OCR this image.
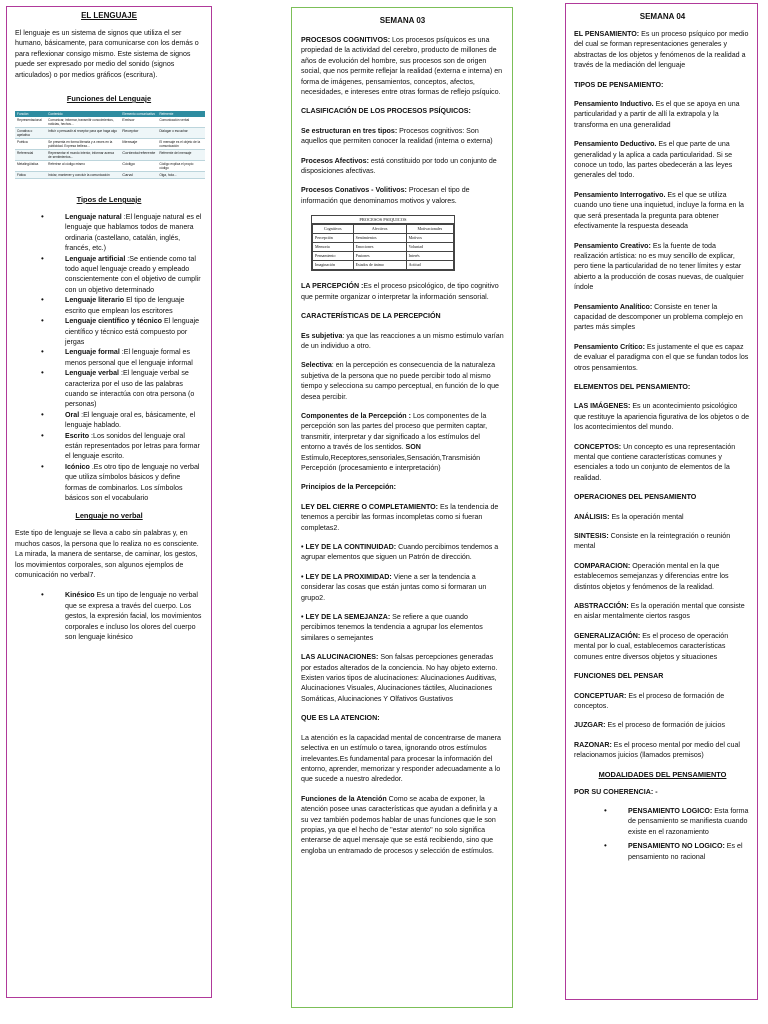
EL LENGUAJE

El lenguaje es un sistema de signos que utiliza el ser humano, básicamente, para comunicarse con los demás o para reflexionar consigo mismo. Este sistema de signos puede ser expresado por medio del sonido (signos articulados) o por medios gráficos (escritura).

Funciones del Lenguaje
Función	Contenido	Elemento comunicativo	Referente
Representacional	Comunicar, informar, transmitir conocimientos, noticias, hechos...	Emisor	Comunicación verbal
Conativa o apelativa	Influir o persuadir al receptor para que haga algo	Receptor	Dialogar o escuchar
Poética	Se presenta en forma literaria y a veces en la publicidad. Expresa belleza...	Mensaje	El mensaje es el objeto de la comunicación
Referencial	Representar el mundo interior, informar acerca de sentimientos...	Contexto/referente	Referente del mensaje
Metalingüística	Referirse al código mismo	Código	Código explica el propio código
Fática	Iniciar, mantener y concluir la comunicación	Canal	Oiga, hola...
Tipos de Lenguaje
• Lenguaje natural :El lenguaje natural es el lenguaje que hablamos todos de manera ordinaria (castellano, catalán, inglés, francés, etc.)
• Lenguaje artificial :Se entiende como tal todo aquel lenguaje creado y empleado conscientemente con el objetivo de cumplir con un objetivo determinado
• Lenguaje literario El tipo de lenguaje escrito que emplean los escritores
• Lenguaje científico y técnico El lenguaje científico y técnico está compuesto por jergas
• Lenguaje formal :El lenguaje formal es menos personal que el lenguaje informal
• Lenguaje verbal :El lenguaje verbal se caracteriza por el uso de las palabras cuando se interactúa con otra persona (o personas)
• Oral :El lenguaje oral es, básicamente, el lenguaje hablado.
• Escrito :Los sonidos del lenguaje oral están representados por letras para formar el lenguaje escrito.
• Icónico .Es otro tipo de lenguaje no verbal que utiliza símbolos básicos y define formas de combinarlos. Los símbolos básicos son el vocabulario
Lenguaje no verbal

Este tipo de lenguaje se lleva a cabo sin palabras y, en muchos casos, la persona que lo realiza no es consciente. La mirada, la manera de sentarse, de caminar, los gestos, los movimientos corporales, son algunos ejemplos de comunicación no verbal7.

• Kinésico Es un tipo de lenguaje no verbal que se expresa a través del cuerpo. Los gestos, la expresión facial, los movimientos corporales e incluso los olores del cuerpo son lenguaje kinésico
SEMANA 03

PROCESOS COGNITIVOS: Los procesos psíquicos es una propiedad de la actividad del cerebro, producto de millones de años de evolución del hombre, sus procesos son de origen social, que nos permite reflejar la realidad (externa e interna) en forma de imágenes, pensamientos, conceptos, afectos, necesidades, e intereses entre otras formas de reflejo psíquico.

CLASIFICACIÓN DE LOS PROCESOS PSÍQUICOS:

Se estructuran en tres tipos: Procesos cognitivos: Son aquellos que permiten conocer la realidad (interna o externa)

Procesos Afectivos: está constituido por todo un conjunto de disposiciones afectivas.

Procesos Conativos - Volitivos: Procesan el tipo de información que denominamos motivos y valores.

PROCESOS PSIQUICOS
Cognitivos	Afectivos	Motivacionales
Percepción	Sentimientos	Motivos
Memoria	Emociones	Voluntad
Pensamiento	Pasiones	Interés
Imaginación	Estados de ánimo	Actitud

LA PERCEPCIÓN :Es el proceso psicológico, de tipo cognitivo que permite organizar o interpretar la información sensorial.

CARACTERÍSTICAS DE LA PERCEPCIÓN

Es subjetiva: ya que las reacciones a un mismo estimulo varían de un individuo a otro.

Selectiva: en la percepción es consecuencia de la naturaleza subjetiva de la persona que no puede percibir todo al mismo tiempo y selecciona su campo perceptual, en función de lo que desea percibir.

Componentes de la Percepción : Los componentes de la percepción son las partes del proceso que permiten captar, transmitir, interpretar y dar significado a los estímulos del entorno a través de los sentidos. SON Estímulo,Receptores,sensoriales,Sensación,Transmisión Percepción (procesamiento e interpretación)

Principios de la Percepción:

LEY DEL CIERRE O COMPLETAMIENTO: Es la tendencia de tenemos a percibir las formas incompletas como si fueran completas2.

• LEY DE LA CONTINUIDAD: Cuando percibimos tendemos a agrupar elementos que siguen un Patrón de dirección.

• LEY DE LA PROXIMIDAD: Viene a ser la tendencia a considerar las cosas que están juntas como si formaran un grupo2.

• LEY DE LA SEMEJANZA: Se refiere a que cuando percibimos tenemos la tendencia a agrupar los elementos similares o semejantes

LAS ALUCINACIONES: Son falsas percepciones generadas por estados alterados de la conciencia. No hay objeto externo. Existen varios tipos de alucinaciones: Alucinaciones Auditivas, Alucinaciones Visuales, Alucinaciones táctiles, Alucinaciones Somáticas, Alucinaciones Y Olfativos Gustativos

QUE ES LA ATENCION:

La atención es la capacidad mental de concentrarse de manera selectiva en un estímulo o tarea, ignorando otros estímulos irrelevantes.Es fundamental para procesar la información del entorno, aprender, memorizar y responder adecuadamente a lo que sucede a nuestro alrededor.

Funciones de la Atención Como se acaba de exponer, la atención posee unas características que ayudan a definirla y a su vez también podemos hablar de unas funciones que le son propias, ya que el hecho de "estar atento" no solo significa enterarse de aquel mensaje que se está recibiendo, sino que engloba un entramado de procesos y selección de estímulos.

SEMANA 04

EL PENSAMIENTO: Es un proceso psíquico por medio del cual se forman representaciones generales y abstractas de los objetos y fenómenos de la realidad a través de la mediación del lenguaje

TIPOS DE PENSAMIENTO:

Pensamiento Inductivo. Es el que se apoya en una particularidad y a partir de allí la extrapola y la transforma en una generalidad

Pensamiento Deductivo. Es el que parte de una generalidad y la aplica a cada particularidad. Si se conoce un todo, las partes obedecerán a las leyes generales del todo.

Pensamiento Interrogativo. Es el que se utiliza cuando uno tiene una inquietud, incluye la forma en la que será presentada la pregunta para obtener efectivamente la respuesta deseada

Pensamiento Creativo: Es la fuente de toda realización artística: no es muy sencillo de explicar, pero tiene la particularidad de no tener límites y estar abierto a la producción de cosas nuevas, de cualquier índole

Pensamiento Analítico: Consiste en tener la capacidad de descomponer un problema complejo en partes más simples

Pensamiento Crítico: Es justamente el que es capaz de evaluar el paradigma con el que se fundan todos los otros pensamientos.

ELEMENTOS DEL PENSAMIENTO:

LAS IMÁGENES: Es un acontecimiento psicológico que restituye la apariencia figurativa de los objetos o de los acontecimientos del mundo.

CONCEPTOS: Un concepto es una representación mental que contiene características comunes y esenciales a todo un conjunto de elementos de la realidad.

OPERACIONES DEL PENSAMIENTO

ANÁLISIS: Es la operación mental

SINTESIS: Consiste en la reintegración o reunión mental

COMPARACION: Operación mental en la que establecemos semejanzas y diferencias entre los distintos objetos y fenómenos de la realidad.

ABSTRACCIÓN: Es la operación mental que consiste en aislar mentalmente ciertos rasgos

GENERALIZACIÓN: Es el proceso de operación mental por lo cual, establecemos características comunes entre diversos objetos y situaciones

FUNCIONES DEL PENSAR

CONCEPTUAR: Es el proceso de formación de conceptos.

JUZGAR: Es el proceso de formación de juicios

RAZONAR: Es el proceso mental por medio del cual relacionamos juicios (llamados premisos)

MODALIDADES DEL PENSAMIENTO

POR SU COHERENCIA: -

• PENSAMIENTO LOGICO: Esta forma de pensamiento se manifiesta cuando existe en el razonamiento
• PENSAMIENTO NO LOGICO: Es el pensamiento no racional
